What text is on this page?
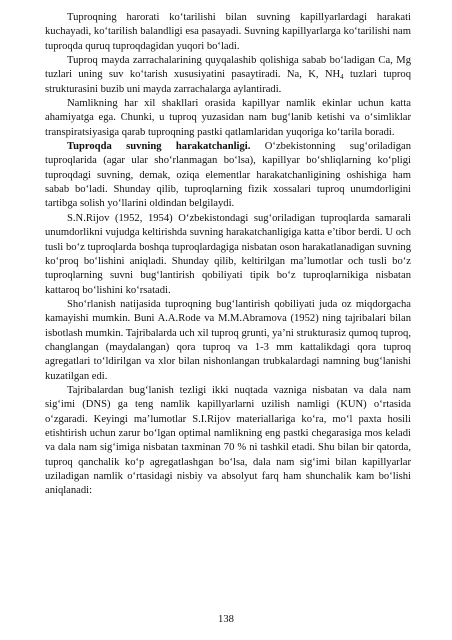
Tuproqning harorati ko‘tarilishi bilan suvning kapillyarlardagi harakati kuchayadi, ko‘tarilish balandligi esa pasayadi. Suvning kapillyarlarga ko‘tarilishi nam tuproqda quruq tuproqdagidan yuqori bo‘ladi.

Tuproq mayda zarrachalarining quyqalashib qolishiga sabab bo‘ladigan Ca, Mg tuzlari uning suv ko‘tarish xususiyatini pasaytiradi. Na, K, $NH_4$ tuzlari tuproq strukturasini buzib uni mayda zarrachalarga aylantiradi.

Namlikning har xil shakllari orasida kapillyar namlik ekinlar uchun katta ahamiyatga ega. Chunki, u tuproq yuzasidan nam bug‘lanib ketishi va o‘simliklar transpiratsiyasiga qarab tuproqning pastki qatlamlaridan yuqoriga ko‘tarila boradi.

Tuproqda suvning harakatchanligi. O‘zbekistonning sug‘oriladigan tuproqlarida (agar ular sho‘rlanmagan bo‘lsa), kapillyar bo‘shliqlarning ko‘pligi tuproqdagi suvning, demak, oziqa elementlar harakatchanligining oshishiga ham sabab bo‘ladi. Shunday qilib, tuproqlarning fizik xossalari tuproq unumdorligini tartibga solish yo‘llarini oldindan belgilaydi.

S.N.Rijov (1952, 1954) O‘zbekistondagi sug‘oriladigan tuproqlarda samarali unumdorlikni vujudga keltirishda suvning harakatchanligiga katta e’tibor berdi. U och tusli bo‘z tuproqlarda boshqa tuproqlardagiga nisbatan oson harakatlanadigan suvning ko‘proq bo‘lishini aniqladi. Shunday qilib, keltirilgan ma’lumotlar och tusli bo‘z tuproqlarning suvni bug‘lantirish qobiliyati tipik bo‘z tuproqlarnikiga nisbatan kattaroq bo‘lishini ko‘rsatadi.

Sho‘rlanish natijasida tuproqning bug‘lantirish qobiliyati juda oz miqdorgacha kamayishi mumkin. Buni A.A.Rode va M.M.Abramova (1952) ning tajribalari bilan isbotlash mumkin. Tajribalarda uch xil tuproq grunti, ya’ni strukturasiz qumoq tuproq, changlangan (maydalangan) qora tuproq va 1-3 mm kattalikdagi qora tuproq agregatlari to‘ldirilgan va xlor bilan nishonlangan trubkalardagi namning bug‘lanishi kuzatilgan edi.

Tajribalardan bug‘lanish tezligi ikki nuqtada vazniga nisbatan va dala nam sig‘imi (DNS) ga teng namlik kapillyarlarni uzilish namligi (KUN) o‘rtasida o‘zgaradi. Keyingi ma’lumotlar S.I.Rijov materiallariga ko‘ra, mo‘l paxta hosili etishtirish uchun zarur bo‘lgan optimal namlikning eng pastki chegarasiga mos keladi va dala nam sig‘imiga nisbatan taxminan 70 % ni tashkil etadi. Shu bilan bir qatorda, tuproq qanchalik ko‘p agregatlashgan bo‘lsa, dala nam sig‘imi bilan kapillyarlar uziladigan namlik o‘rtasidagi nisbiy va absolyut farq ham shunchalik kam bo‘lishi aniqlanadi:

138
